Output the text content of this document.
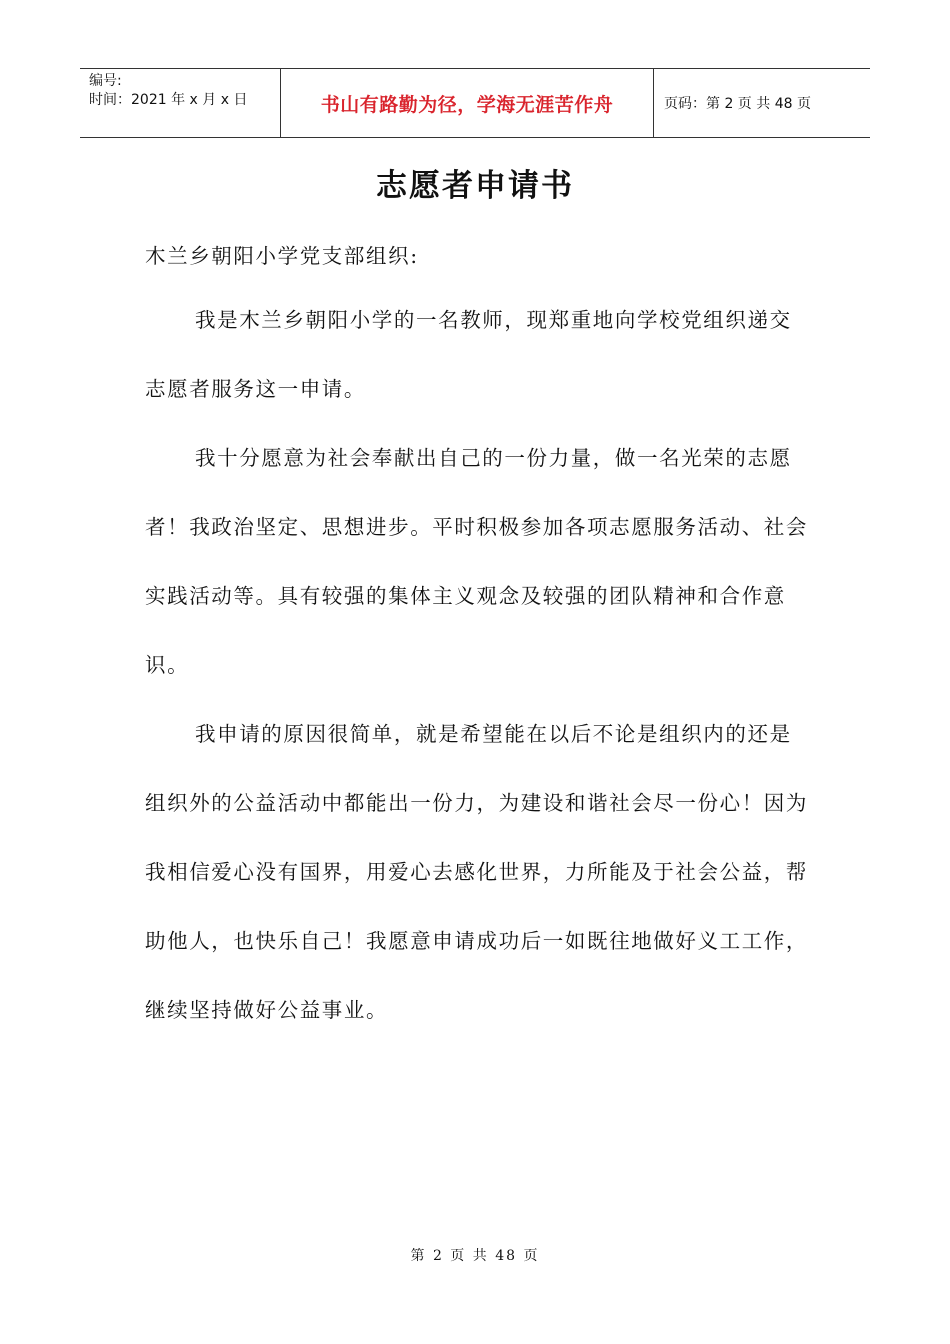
编号:
时间：2021 年 x 月 x 日	书山有路勤为径，学海无涯苦作舟	页码：第 2 页 共 48 页
志愿者申请书

木兰乡朝阳小学党支部组织:

我是木兰乡朝阳小学的一名教师，现郑重地向学校党组织递交志愿者服务这一申请。

我十分愿意为社会奉献出自己的一份力量，做一名光荣的志愿者！我政治坚定、思想进步。平时积极参加各项志愿服务活动、社会实践活动等。具有较强的集体主义观念及较强的团队精神和合作意识。

我申请的原因很简单，就是希望能在以后不论是组织内的还是组织外的公益活动中都能出一份力，为建设和谐社会尽一份心！因为我相信爱心没有国界，用爱心去感化世界，力所能及于社会公益，帮助他人，也快乐自己！我愿意申请成功后一如既往地做好义工工作，继续坚持做好公益事业。

第 2 页 共 48 页
